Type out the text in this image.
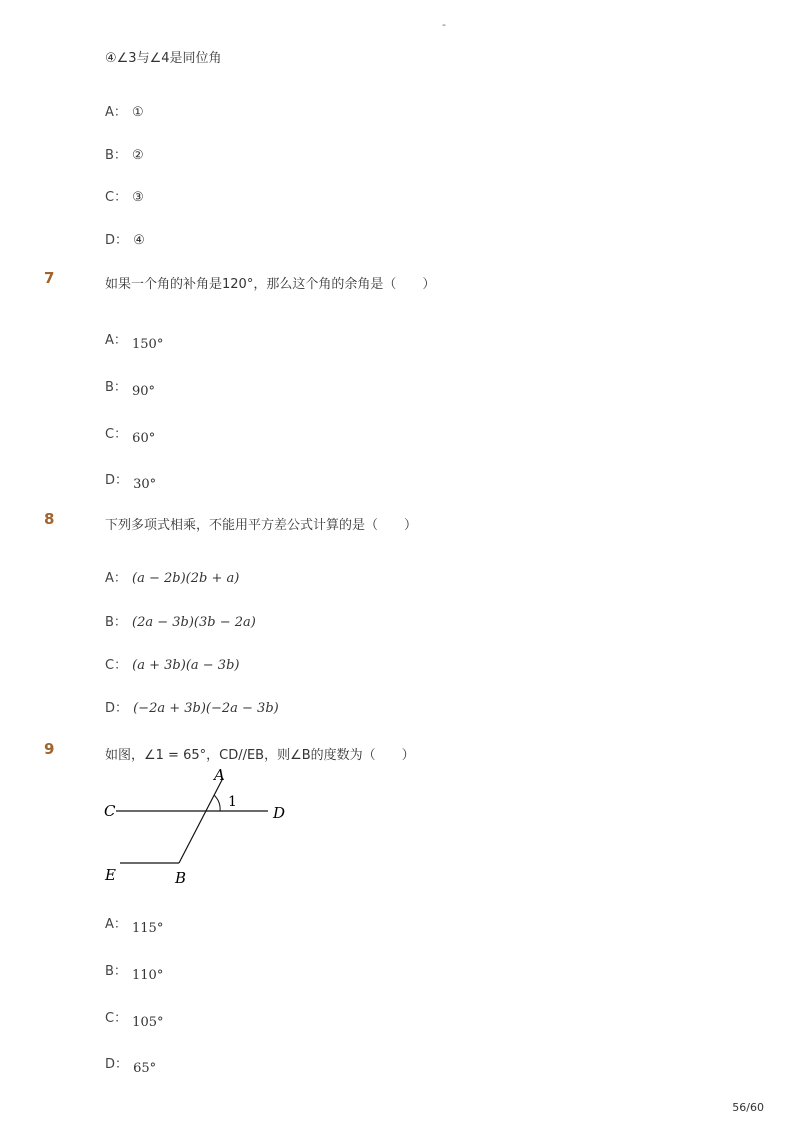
-
④∠3与∠4是同位角
A： ①
B： ②
C： ③
D： ④
7	如果一个角的补角是120°，那么这个角的余角是（　　）
A： $_{150^\circ}$
B： $_{90^\circ}$
C： $_{60^\circ}$
D： $_{30^\circ}$
8	下列多项式相乘，不能用平方差公式计算的是（　　）
A： (a − 2b)(2b + a)
B： (2a − 3b)(3b − 2a)
C： (a + 3b)(a − 3b)
D： (−2a + 3b)(−2a − 3b)
9	如图，∠1 = 65°，CD//EB，则∠B的度数为（　　）
A
1
C	D
E	B
A： $_{115^\circ}$
B： $_{110^\circ}$
C： $_{105^\circ}$
D： $_{65^\circ}$
56/60
